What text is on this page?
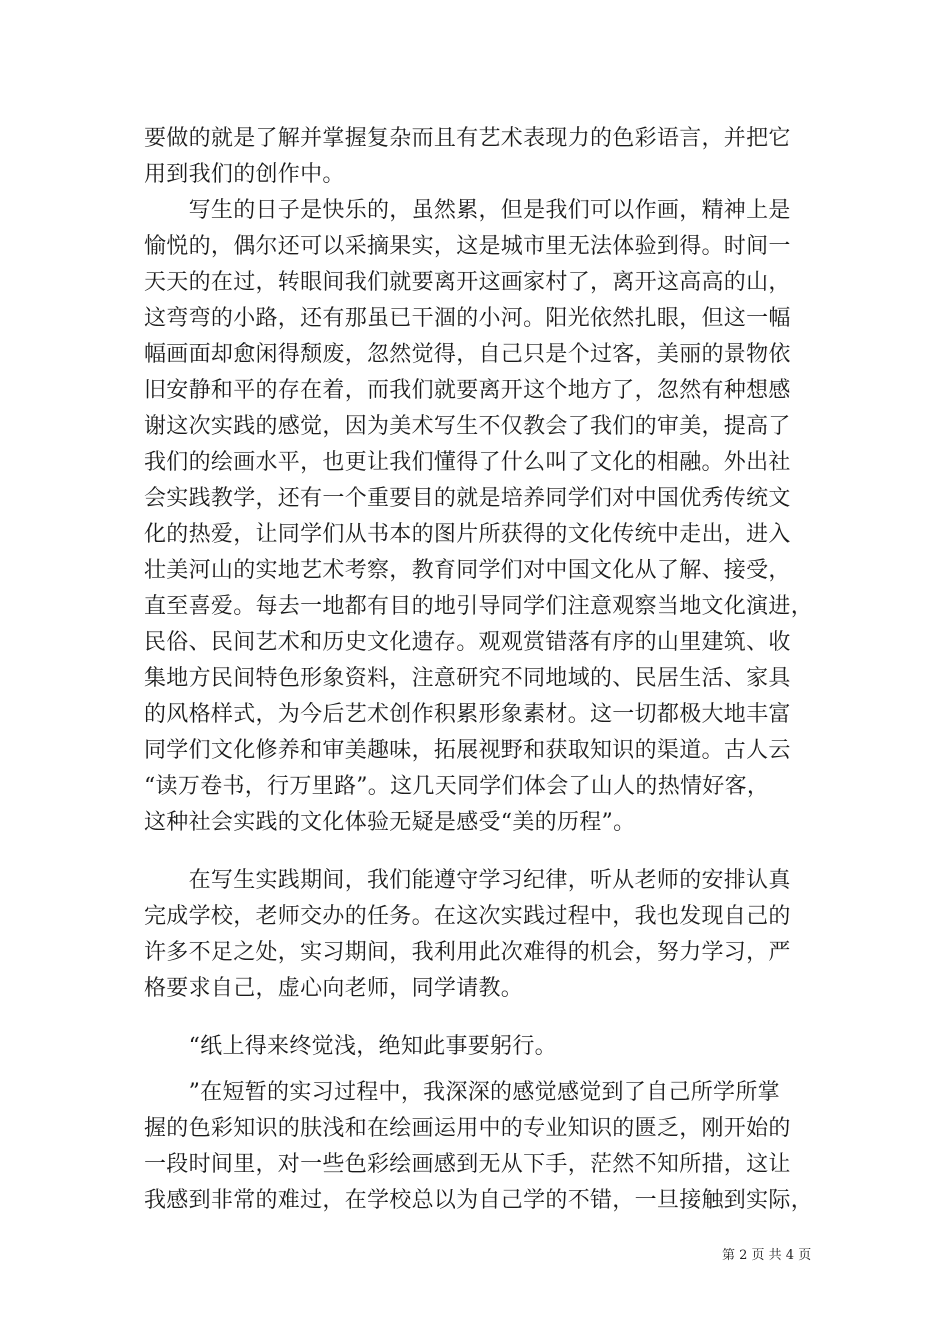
要做的就是了解并掌握复杂而且有艺术表现力的色彩语言，并把它
用到我们的创作中。
　　写生的日子是快乐的，虽然累，但是我们可以作画，精神上是
愉悦的，偶尔还可以采摘果实，这是城市里无法体验到得。时间一
天天的在过，转眼间我们就要离开这画家村了，离开这高高的山，
这弯弯的小路，还有那虽已干涸的小河。阳光依然扎眼，但这一幅
幅画面却愈闲得颓废，忽然觉得，自己只是个过客，美丽的景物依
旧安静和平的存在着，而我们就要离开这个地方了，忽然有种想感
谢这次实践的感觉，因为美术写生不仅教会了我们的审美，提高了
我们的绘画水平，也更让我们懂得了什么叫了文化的相融。外出社
会实践教学，还有一个重要目的就是培养同学们对中国优秀传统文
化的热爱，让同学们从书本的图片所获得的文化传统中走出，进入
壮美河山的实地艺术考察，教育同学们对中国文化从了解、接受，
直至喜爱。每去一地都有目的地引导同学们注意观察当地文化演进，
民俗、民间艺术和历史文化遗存。观观赏错落有序的山里建筑、收
集地方民间特色形象资料，注意研究不同地域的、民居生活、家具
的风格样式，为今后艺术创作积累形象素材。这一切都极大地丰富
同学们文化修养和审美趣味，拓展视野和获取知识的渠道。古人云
“读万卷书，行万里路”。这几天同学们体会了山人的热情好客，
这种社会实践的文化体验无疑是感受“美的历程”。
　　在写生实践期间，我们能遵守学习纪律，听从老师的安排认真
完成学校，老师交办的任务。在这次实践过程中，我也发现自己的
许多不足之处，实习期间，我利用此次难得的机会，努力学习，严
格要求自己，虚心向老师，同学请教。
　　“纸上得来终觉浅，绝知此事要躬行。
　　”在短暂的实习过程中，我深深的感觉感觉到了自己所学所掌
握的色彩知识的肤浅和在绘画运用中的专业知识的匮乏，刚开始的
一段时间里，对一些色彩绘画感到无从下手，茫然不知所措，这让
我感到非常的难过，在学校总以为自己学的不错，一旦接触到实际，
第 2 页 共 4 页
